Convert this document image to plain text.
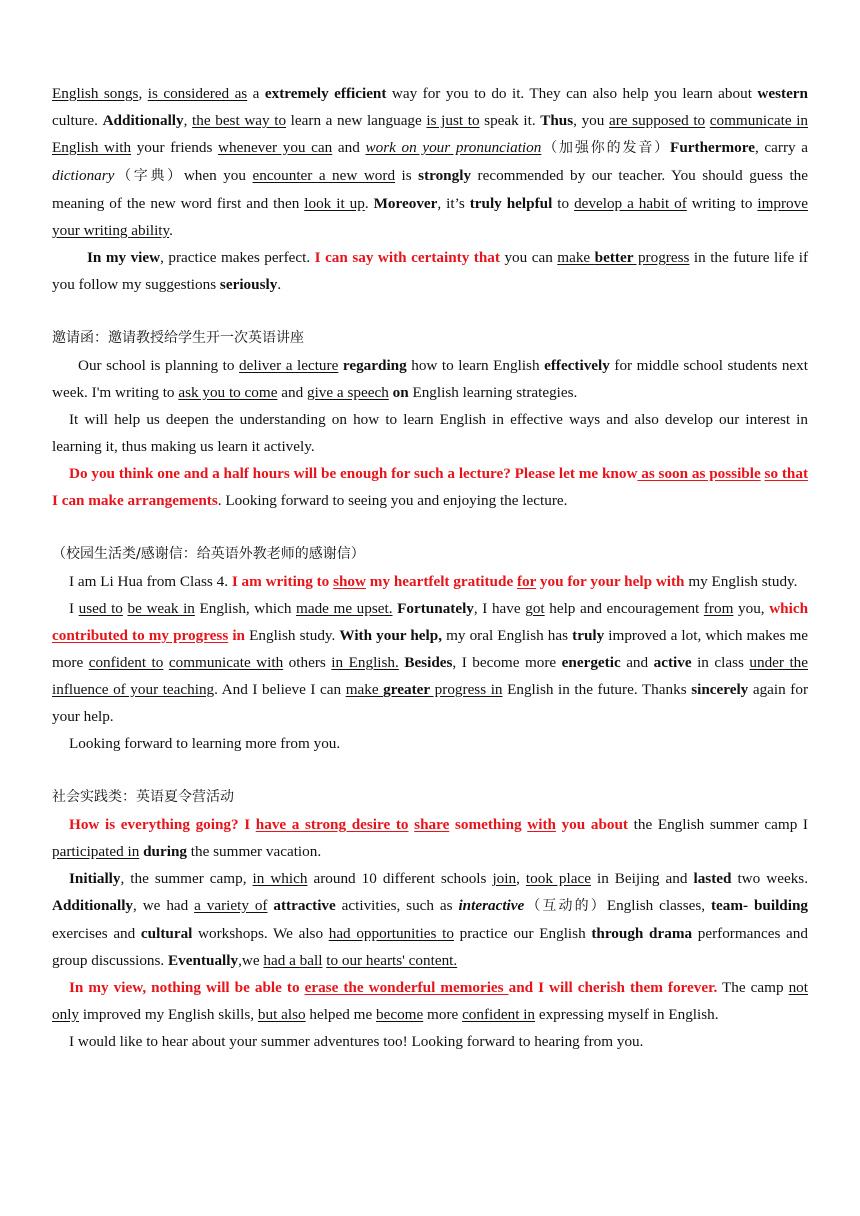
English songs, is considered as a extremely efficient way for you to do it. They can also help you learn about western culture. Additionally, the best way to learn a new language is just to speak it. Thus, you are supposed to communicate in English with your friends whenever you can and work on your pronunciation（加强你的发音）Furthermore, carry a dictionary（字典）when you encounter a new word is strongly recommended by our teacher. You should guess the meaning of the new word first and then look it up. Moreover, it’s truly helpful to develop a habit of writing to improve your writing ability.

In my view, practice makes perfect. I can say with certainty that you can make better progress in the future life if you follow my suggestions seriously.

邀请函：邀请教授给学生开一次英语讲座

Our school is planning to deliver a lecture regarding how to learn English effectively for middle school students next week. I'm writing to ask you to come and give a speech on English learning strategies.

It will help us deepen the understanding on how to learn English in effective ways and also develop our interest in learning it, thus making us learn it actively.

Do you think one and a half hours will be enough for such a lecture? Please let me know as soon as possible so that I can make arrangements. Looking forward to seeing you and enjoying the lecture.

（校园生活类/感谢信：给英语外教老师的感谢信）

I am Li Hua from Class 4. I am writing to show my heartfelt gratitude for you for your help with my English study.

I used to be weak in English, which made me upset. Fortunately, I have got help and encouragement from you, which contributed to my progress in English study. With your help, my oral English has truly improved a lot, which makes me more confident to communicate with others in English. Besides, I become more energetic and active in class under the influence of your teaching. And I believe I can make greater progress in English in the future. Thanks sincerely again for your help.

Looking forward to learning more from you.

社会实践类：英语夏令营活动

How is everything going? I have a strong desire to share something with you about the English summer camp I participated in during the summer vacation.

Initially, the summer camp, in which around 10 different schools join, took place in Beijing and lasted two weeks. Additionally, we had a variety of attractive activities, such as interactive（互动的）English classes, team- building exercises and cultural workshops. We also had opportunities to practice our English through drama performances and group discussions. Eventually,we had a ball to our hearts' content.

In my view, nothing will be able to erase the wonderful memories and I will cherish them forever. The camp not only improved my English skills, but also helped me become more confident in expressing myself in English.

I would like to hear about your summer adventures too! Looking forward to hearing from you.
